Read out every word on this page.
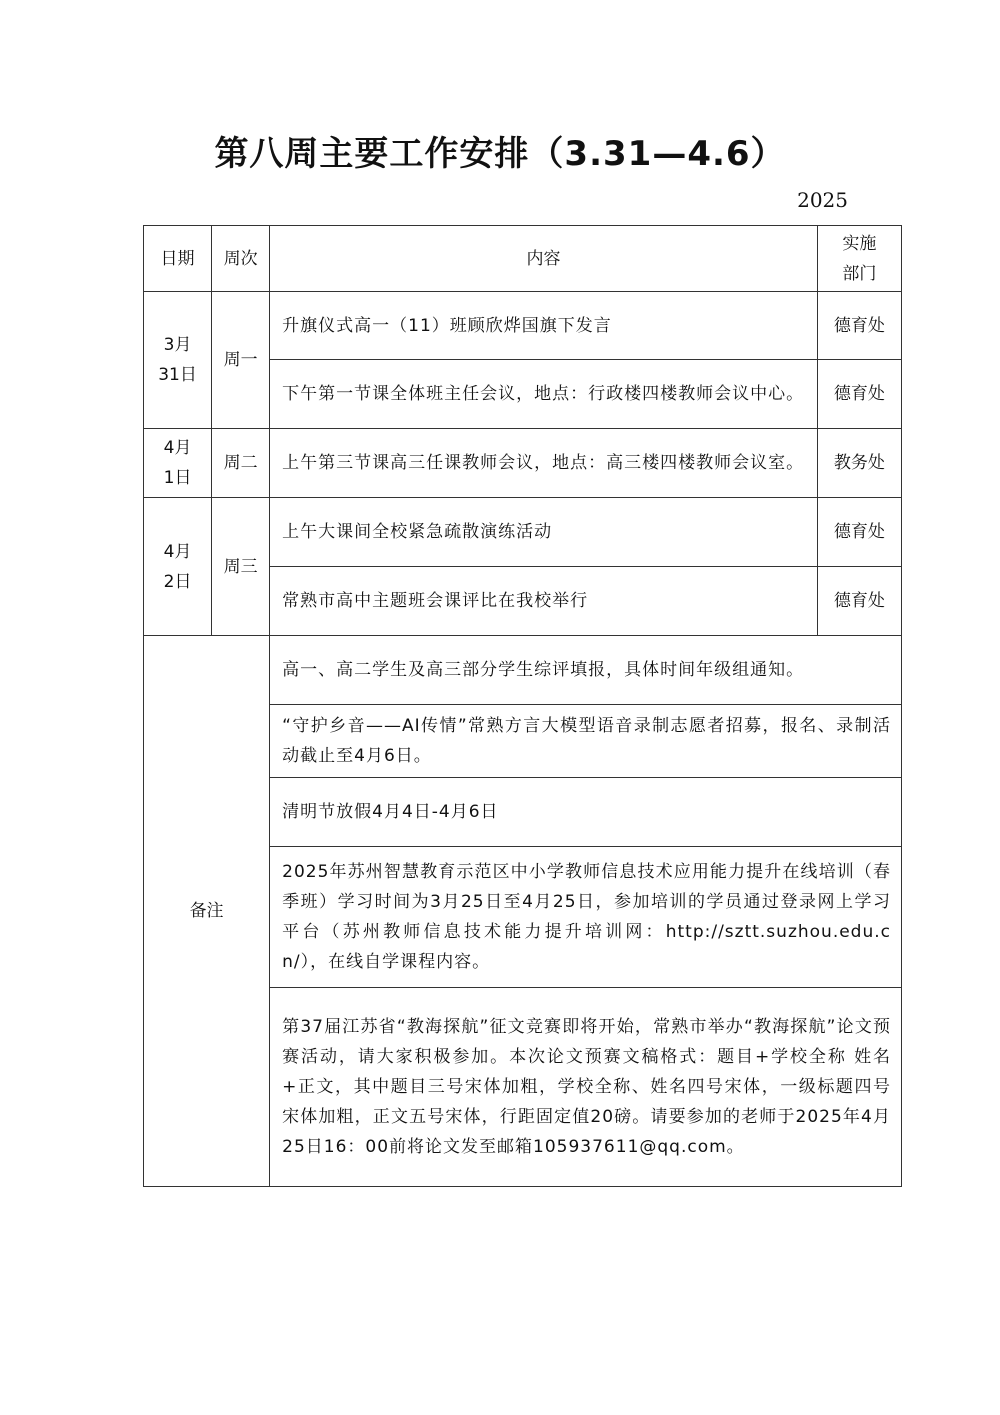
第八周主要工作安排（3.31—4.6）
2025
日期	周次	内容	实施
部门

3月
31日	周一	升旗仪式高一（11）班顾欣烨国旗下发言	德育处
		下午第一节课全体班主任会议，地点：行政楼四楼教师会议中心。	德育处

4月
1日	周二	上午第三节课高三任课教师会议，地点：高三楼四楼教师会议室。	教务处

4月
2日	周三	上午大课间全校紧急疏散演练活动	德育处
		常熟市高中主题班会课评比在我校举行	德育处
备注		高一、高二学生及高三部分学生综评填报，具体时间年级组通知。	
		“守护乡音——AI传情”常熟方言大模型语音录制志愿者招募，报名、录制活动截止至4月6日。	
		清明节放假4月4日-4月6日	
		2025年苏州智慧教育示范区中小学教师信息技术应用能力提升在线培训（春季班）学习时间为3月25日至4月25日，参加培训的学员通过登录网上学习平台（苏州教师信息技术能力提升培训网：http://sztt.suzhou.edu.cn/），在线自学课程内容。	
		第37届江苏省“教海探航”征文竞赛即将开始，常熟市举办“教海探航”论文预赛活动，请大家积极参加。本次论文预赛文稿格式：题目+学校全称 姓名 +正文，其中题目三号宋体加粗，学校全称、姓名四号宋体，一级标题四号宋体加粗，正文五号宋体，行距固定值20磅。请要参加的老师于2025年4月25日16：00前将论文发至邮箱105937611@qq.com。	
